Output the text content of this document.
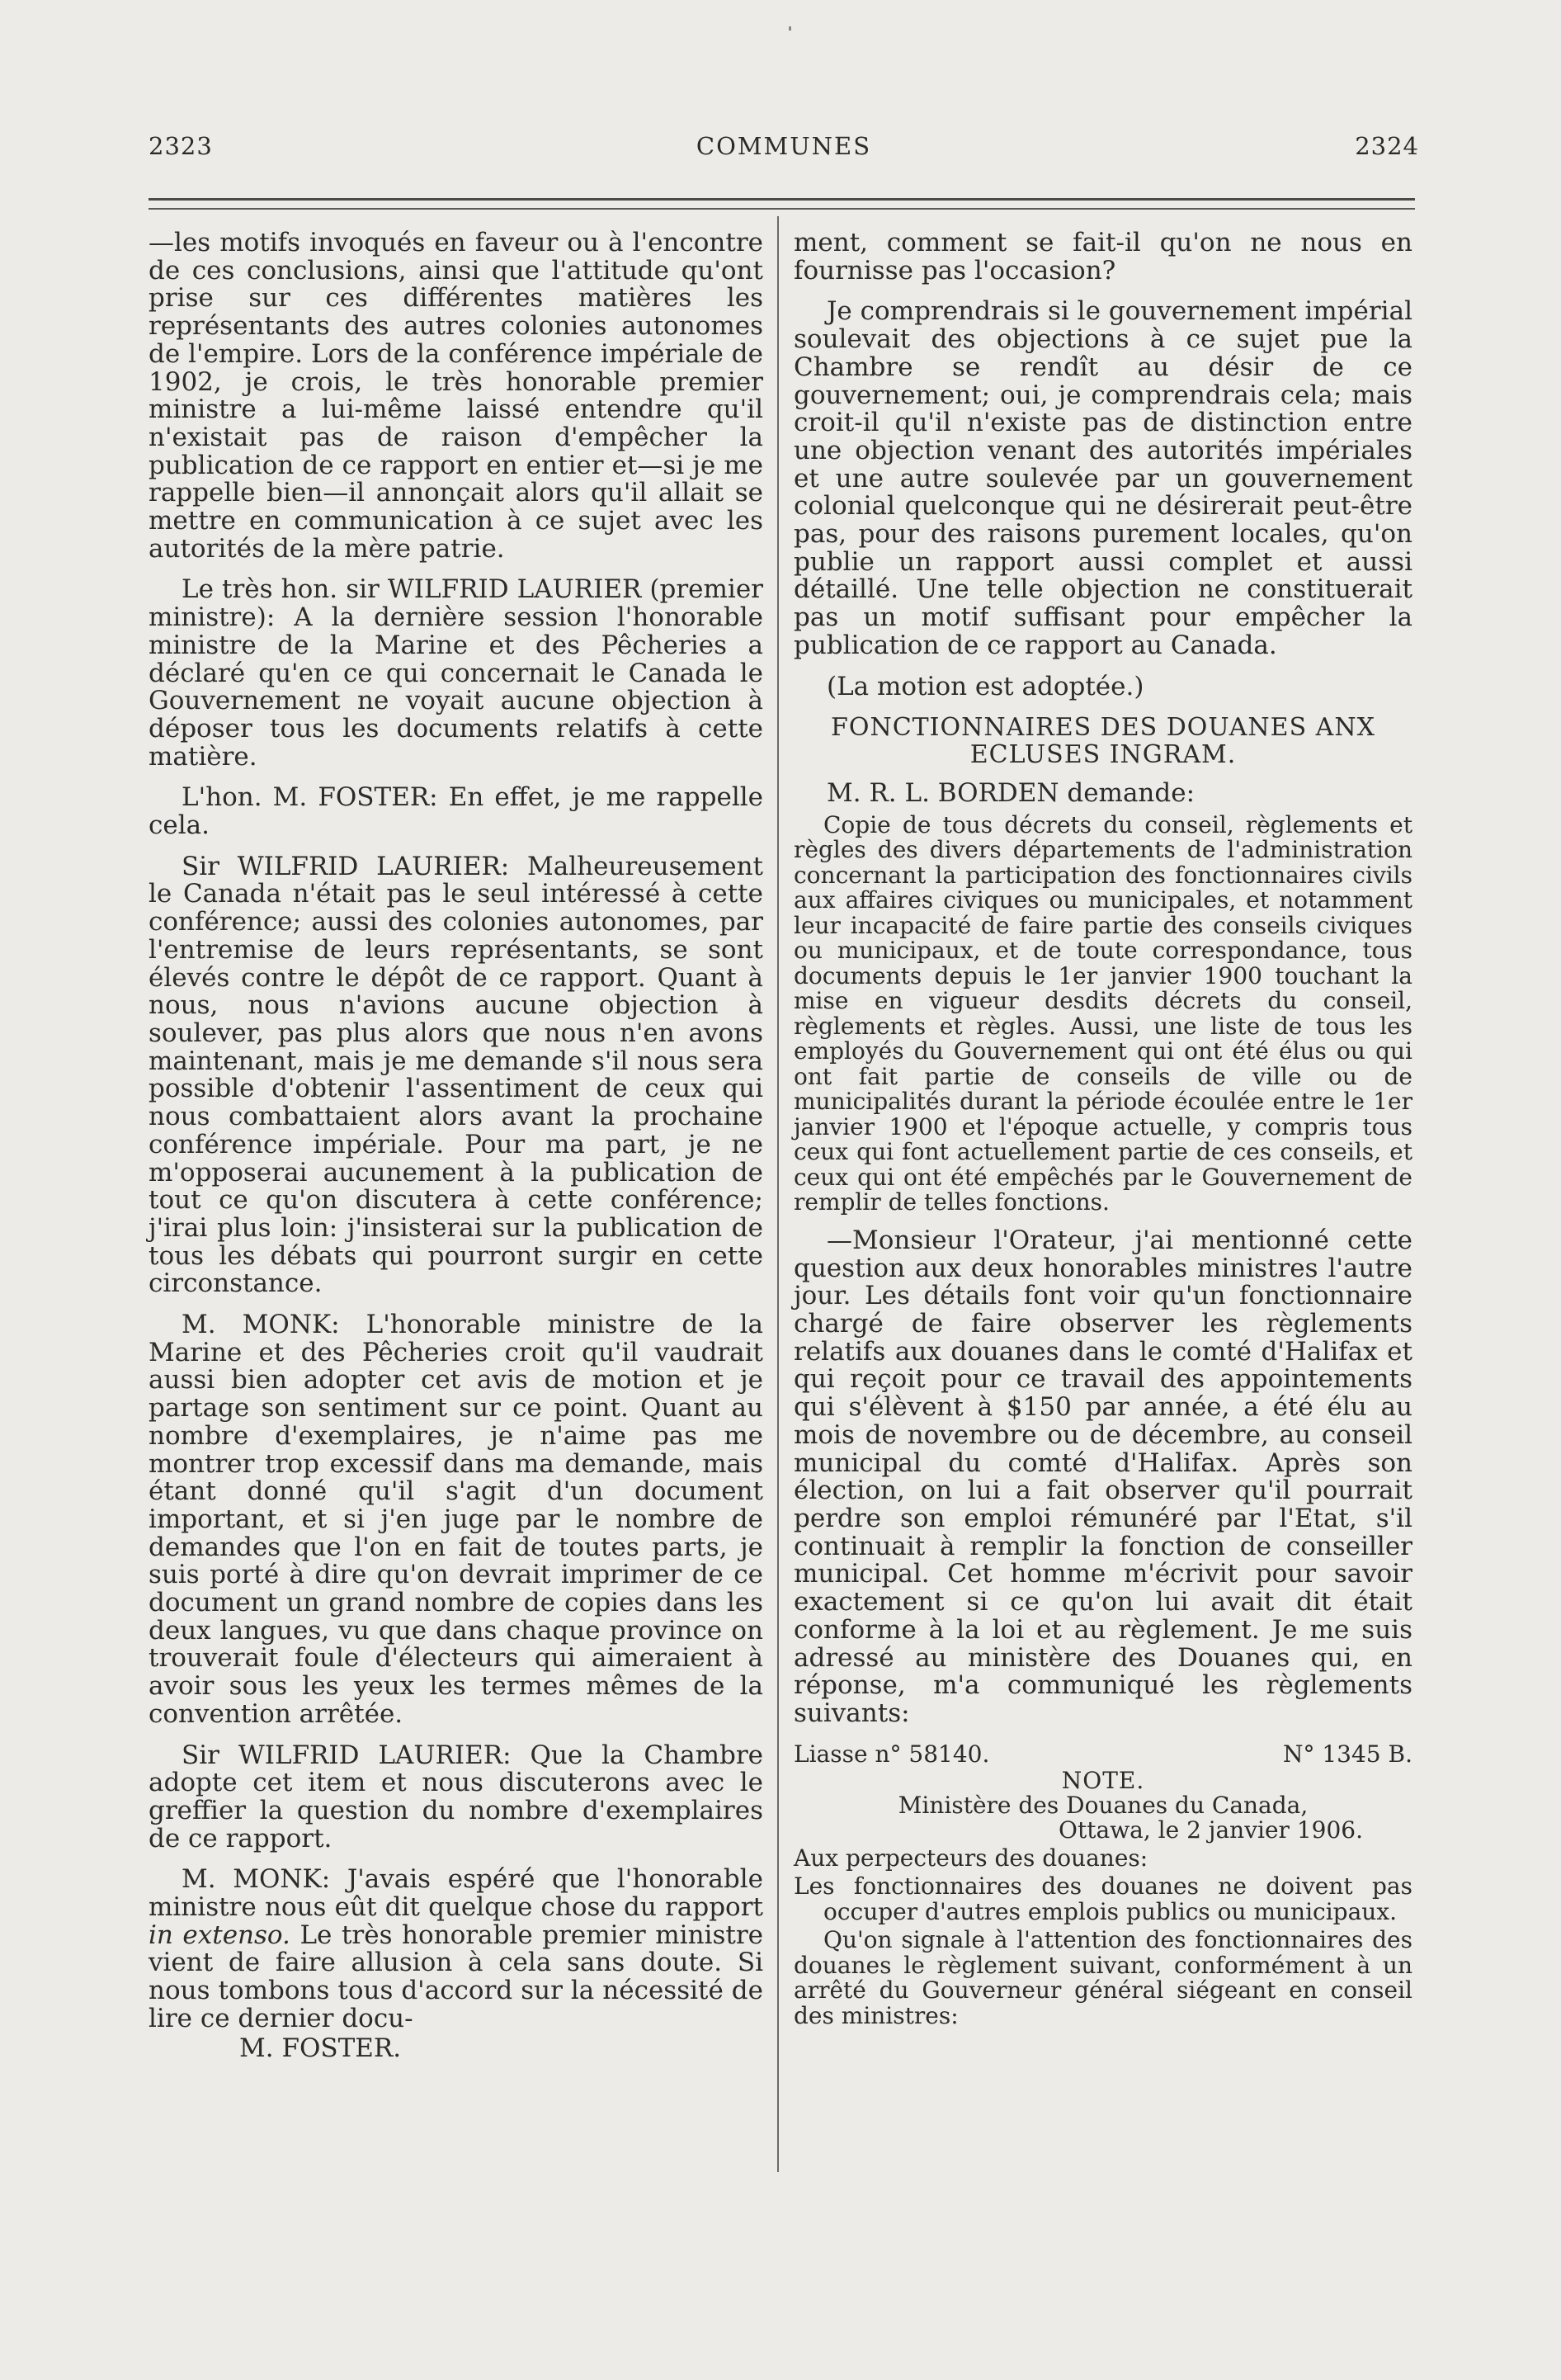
2323	COMMUNES	2324

—les motifs invoqués en faveur ou à l'encontre de ces conclusions, ainsi que l'attitude qu'ont prise sur ces différentes matières les représentants des autres colonies autonomes de l'empire. Lors de la conférence impériale de 1902, je crois, le très honorable premier ministre a lui-même laissé entendre qu'il n'existait pas de raison d'empêcher la publication de ce rapport en entier et—si je me rappelle bien—il annonçait alors qu'il allait se mettre en communication à ce sujet avec les autorités de la mère patrie.

Le très hon. sir WILFRID LAURIER (premier ministre): A la dernière session l'honorable ministre de la Marine et des Pêcheries a déclaré qu'en ce qui concernait le Canada le Gouvernement ne voyait aucune objection à déposer tous les documents relatifs à cette matière.

L'hon. M. FOSTER: En effet, je me rappelle cela.

Sir WILFRID LAURIER: Malheureusement le Canada n'était pas le seul intéressé à cette conférence; aussi des colonies autonomes, par l'entremise de leurs représentants, se sont élevés contre le dépôt de ce rapport. Quant à nous, nous n'avions aucune objection à soulever, pas plus alors que nous n'en avons maintenant, mais je me demande s'il nous sera possible d'obtenir l'assentiment de ceux qui nous combattaient alors avant la prochaine conférence impériale. Pour ma part, je ne m'opposerai aucunement à la publication de tout ce qu'on discutera à cette conférence; j'irai plus loin: j'insisterai sur la publication de tous les débats qui pourront surgir en cette circonstance.

M. MONK: L'honorable ministre de la Marine et des Pêcheries croit qu'il vaudrait aussi bien adopter cet avis de motion et je partage son sentiment sur ce point. Quant au nombre d'exemplaires, je n'aime pas me montrer trop excessif dans ma demande, mais étant donné qu'il s'agit d'un document important, et si j'en juge par le nombre de demandes que l'on en fait de toutes parts, je suis porté à dire qu'on devrait imprimer de ce document un grand nombre de copies dans les deux langues, vu que dans chaque province on trouverait foule d'électeurs qui aimeraient à avoir sous les yeux les termes mêmes de la convention arrêtée.

Sir WILFRID LAURIER: Que la Chambre adopte cet item et nous discuterons avec le greffier la question du nombre d'exemplaires de ce rapport.

M. MONK: J'avais espéré que l'honorable ministre nous eût dit quelque chose du rapport in extenso. Le très honorable premier ministre vient de faire allusion à cela sans doute. Si nous tombons tous d'accord sur la nécessité de lire ce dernier docu-

M. FOSTER.

ment, comment se fait-il qu'on ne nous en fournisse pas l'occasion?

Je comprendrais si le gouvernement impérial soulevait des objections à ce sujet pue la Chambre se rendît au désir de ce gouvernement; oui, je comprendrais cela; mais croit-il qu'il n'existe pas de distinction entre une objection venant des autorités impériales et une autre soulevée par un gouvernement colonial quelconque qui ne désirerait peut-être pas, pour des raisons purement locales, qu'on publie un rapport aussi complet et aussi détaillé. Une telle objection ne constituerait pas un motif suffisant pour empêcher la publication de ce rapport au Canada.

(La motion est adoptée.)

FONCTIONNAIRES DES DOUANES ANX ECLUSES INGRAM.

M. R. L. BORDEN demande:

Copie de tous décrets du conseil, règlements et règles des divers départements de l'administration concernant la participation des fonctionnaires civils aux affaires civiques ou municipales, et notamment leur incapacité de faire partie des conseils civiques ou municipaux, et de toute correspondance, tous documents depuis le 1er janvier 1900 touchant la mise en vigueur desdits décrets du conseil, règlements et règles. Aussi, une liste de tous les employés du Gouvernement qui ont été élus ou qui ont fait partie de conseils de ville ou de municipalités durant la période écoulée entre le 1er janvier 1900 et l'époque actuelle, y compris tous ceux qui font actuellement partie de ces conseils, et ceux qui ont été empêchés par le Gouvernement de remplir de telles fonctions.

—Monsieur l'Orateur, j'ai mentionné cette question aux deux honorables ministres l'autre jour. Les détails font voir qu'un fonctionnaire chargé de faire observer les règlements relatifs aux douanes dans le comté d'Halifax et qui reçoit pour ce travail des appointements qui s'élèvent à $150 par année, a été élu au mois de novembre ou de décembre, au conseil municipal du comté d'Halifax. Après son élection, on lui a fait observer qu'il pourrait perdre son emploi rémunéré par l'Etat, s'il continuait à remplir la fonction de conseiller municipal. Cet homme m'écrivit pour savoir exactement si ce qu'on lui avait dit était conforme à la loi et au règlement. Je me suis adressé au ministère des Douanes qui, en réponse, m'a communiqué les règlements suivants:

Liasse n° 58140.	N° 1345 B.
NOTE.
Ministère des Douanes du Canada,
Ottawa, le 2 janvier 1906.

Aux perpecteurs des douanes:

Les fonctionnaires des douanes ne doivent pas occuper d'autres emplois publics ou municipaux.

Qu'on signale à l'attention des fonctionnaires des douanes le règlement suivant, conformément à un arrêté du Gouverneur général siégeant en conseil des ministres:
